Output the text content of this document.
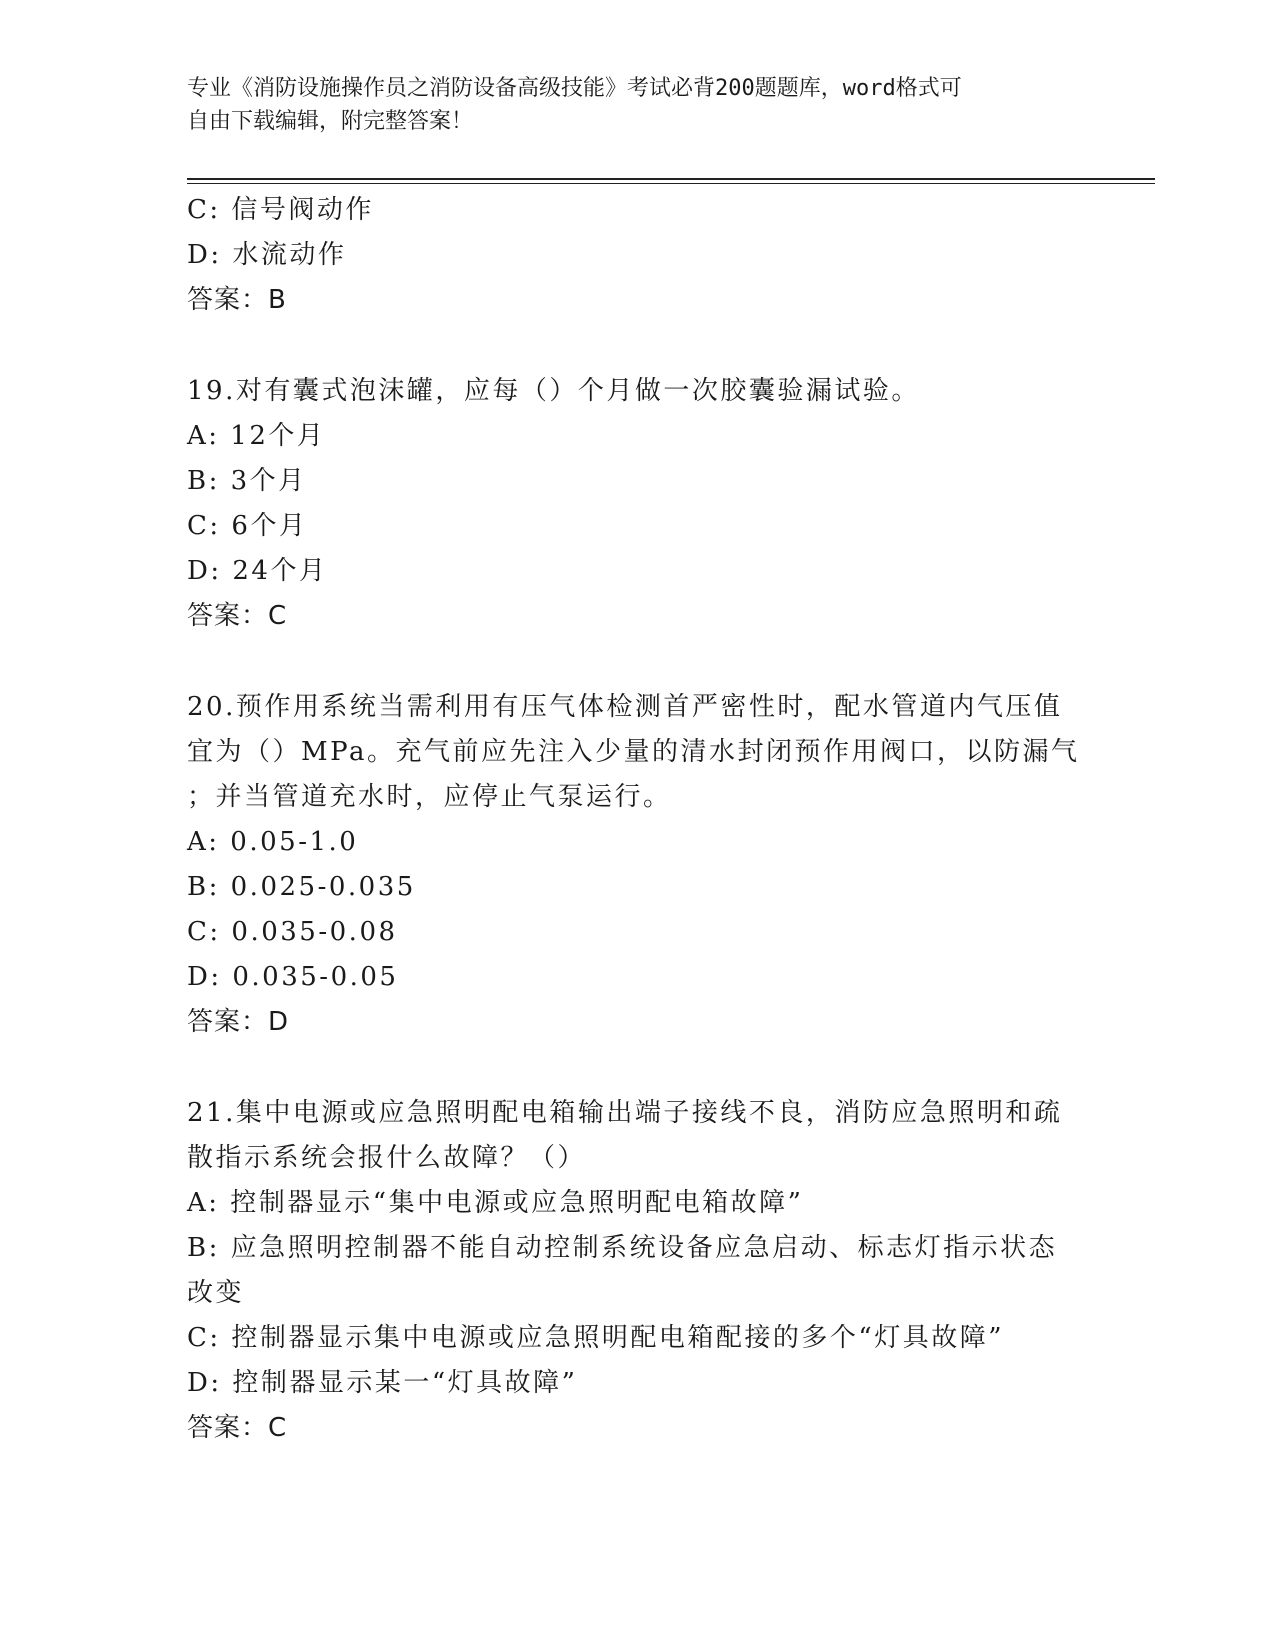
专业《消防设施操作员之消防设备高级技能》考试必背200题题库，word格式可
自由下载编辑，附完整答案！
C: 信号阀动作
D: 水流动作
答案：B
19.对有囊式泡沫罐，应每（）个月做一次胶囊验漏试验。
A: 12个月
B: 3个月
C: 6个月
D: 24个月
答案：C
20.预作用系统当需利用有压气体检测首严密性时，配水管道内气压值
宜为（）MPa。充气前应先注入少量的清水封闭预作用阀口，以防漏气
；并当管道充水时，应停止气泵运行。
A: 0.05-1.0
B: 0.025-0.035
C: 0.035-0.08
D: 0.035-0.05
答案：D
21.集中电源或应急照明配电箱输出端子接线不良，消防应急照明和疏
散指示系统会报什么故障？（）
A: 控制器显示“集中电源或应急照明配电箱故障”
B: 应急照明控制器不能自动控制系统设备应急启动、标志灯指示状态
改变
C: 控制器显示集中电源或应急照明配电箱配接的多个“灯具故障”
D: 控制器显示某一“灯具故障”
答案：C
